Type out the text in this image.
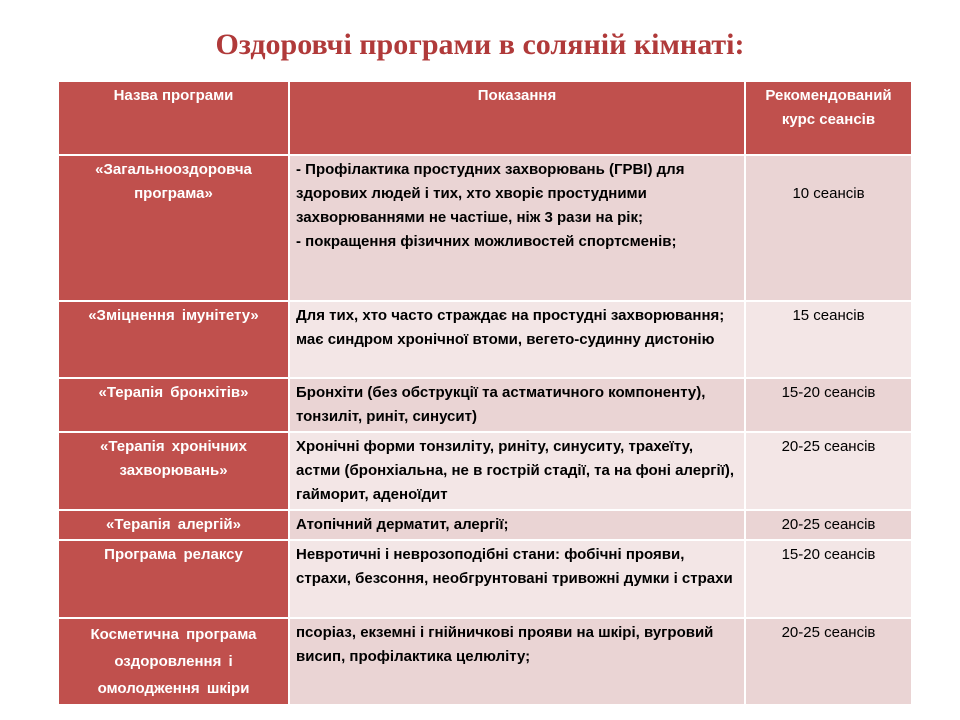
Оздоровчі програми в соляній кімнаті:
Назва програми	Показання	Рекомендований
курс сеансів

«Загальнооздоровча програма»	- Профілактика простудних захворювань (ГРВІ) для здорових людей і тих, хто хворіє простудними захворюваннями не частіше, ніж 3 рази на рік;
- покращення фізичних можливостей спортсменів;	10 сеансів
«Зміцнення імунітету»	Для тих, хто часто страждає на простудні захворювання; має синдром хронічної втоми, вегето-судинну дистонію	15 сеансів
«Терапія бронхітів»	Бронхіти (без обструкції та астматичного компоненту), тонзиліт, риніт, синусит)	15-20 сеансів
«Терапія хронічних захворювань»	Хронічні форми тонзиліту, риніту, синуситу, трахеїту, астми (бронхіальна, не в гострій стадії, та на фоні алергії), гайморит, аденоїдит	20-25 сеансів
«Терапія алергій»	Атопічний дерматит, алергії;	20-25 сеансів
Програма релаксу	Невротичні і неврозоподібні стани: фобічні прояви, страхи, безсоння, необгрунтовані тривожні думки і страхи	15-20 сеансів
Косметична програма оздоровлення і омолодження шкіри	псоріаз, екземні і гнійничкові прояви на шкірі, вугровий висип, профілактика целюліту;	20-25 сеансів
